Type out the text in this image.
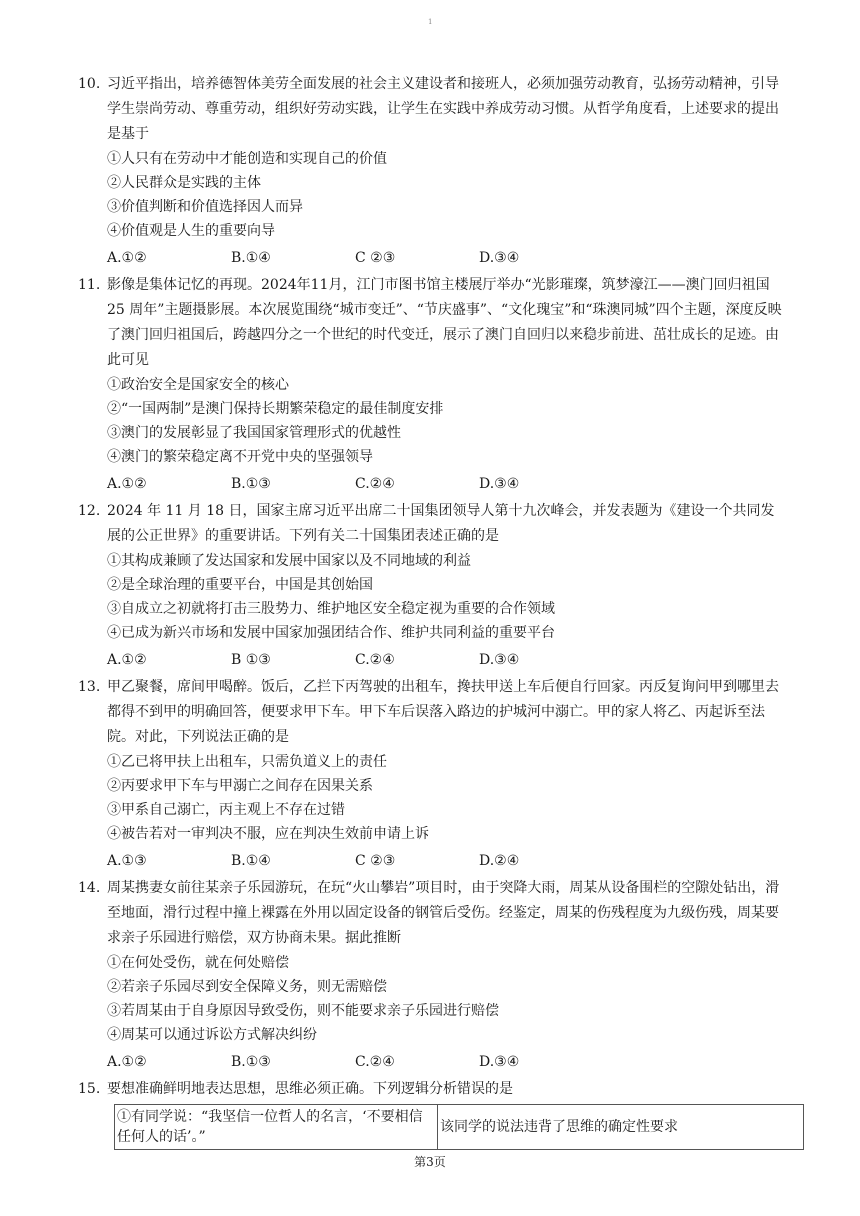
1
10. 习近平指出，培养德智体美劳全面发展的社会主义建设者和接班人，必须加强劳动教育，弘扬劳动精神，引导学生崇尚劳动、尊重劳动，组织好劳动实践，让学生在实践中养成劳动习惯。从哲学角度看，上述要求的提出是基于
①人只有在劳动中才能创造和实现自己的价值
②人民群众是实践的主体
③价值判断和价值选择因人而异
④价值观是人生的重要向导
A.①②	B.①④	C ②③	D.③④
11. 影像是集体记忆的再现。2024年11月，江门市图书馆主楼展厅举办“光影璀璨，筑梦濠江——澳门回归祖国25 周年”主题摄影展。本次展览围绕“城市变迁”、“节庆盛事”、“文化瑰宝”和“珠澳同城”四个主题，深度反映了澳门回归祖国后，跨越四分之一个世纪的时代变迁，展示了澳门自回归以来稳步前进、茁壮成长的足迹。由此可见
①政治安全是国家安全的核心
②“一国两制”是澳门保持长期繁荣稳定的最佳制度安排
③澳门的发展彰显了我国国家管理形式的优越性
④澳门的繁荣稳定离不开党中央的坚强领导
A.①②	B.①③	C.②④	D.③④
12. 2024 年 11 月 18 日，国家主席习近平出席二十国集团领导人第十九次峰会，并发表题为《建设一个共同发展的公正世界》的重要讲话。下列有关二十国集团表述正确的是
①其构成兼顾了发达国家和发展中国家以及不同地域的利益
②是全球治理的重要平台，中国是其创始国
③自成立之初就将打击三股势力、维护地区安全稳定视为重要的合作领域
④已成为新兴市场和发展中国家加强团结合作、维护共同利益的重要平台
A.①②	B ①③	C.②④	D.③④
13. 甲乙聚餐，席间甲喝醉。饭后，乙拦下丙驾驶的出租车，搀扶甲送上车后便自行回家。丙反复询问甲到哪里去都得不到甲的明确回答，便要求甲下车。甲下车后误落入路边的护城河中溺亡。甲的家人将乙、丙起诉至法院。对此，下列说法正确的是
①乙已将甲扶上出租车，只需负道义上的责任
②丙要求甲下车与甲溺亡之间存在因果关系
③甲系自己溺亡，丙主观上不存在过错
④被告若对一审判决不服，应在判决生效前申请上诉
A.①③	B.①④	C ②③	D.②④
14. 周某携妻女前往某亲子乐园游玩，在玩“火山攀岩”项目时，由于突降大雨，周某从设备围栏的空隙处钻出，滑至地面，滑行过程中撞上裸露在外用以固定设备的钢管后受伤。经鉴定，周某的伤残程度为九级伤残，周某要求亲子乐园进行赔偿，双方协商未果。据此推断
①在何处受伤，就在何处赔偿
②若亲子乐园尽到安全保障义务，则无需赔偿
③若周某由于自身原因导致受伤，则不能要求亲子乐园进行赔偿
④周某可以通过诉讼方式解决纠纷
A.①②	B.①③	C.②④	D.③④
15. 要想准确鲜明地表达思想，思维必须正确。下列逻辑分析错误的是
①有同学说：“我坚信一位哲人的名言，‘不要相信任何人的话’。”	该同学的说法违背了思维的确定性要求
第3页
